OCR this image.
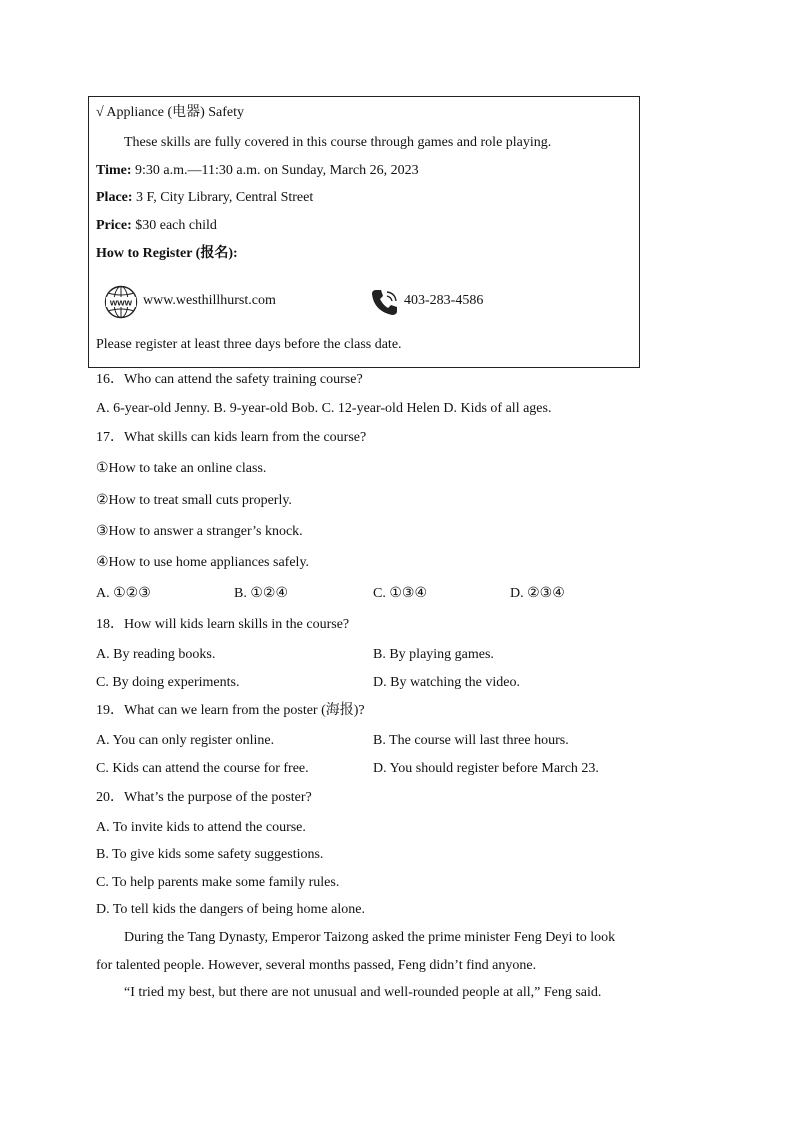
√ Appliance (电器) Safety
These skills are fully covered in this course through games and role playing.
Time: 9:30 a.m.—11:30 a.m. on Sunday, March 26, 2023
Place: 3 F, City Library, Central Street
Price: $30 each child
How to Register (报名):
www www.westhillhurst.com	403-283-4586
Please register at least three days before the class date.
16．Who can attend the safety training course?
A. 6-year-old Jenny. B. 9-year-old Bob. C. 12-year-old Helen D. Kids of all ages.
17．What skills can kids learn from the course?
①How to take an online class.
②How to treat small cuts properly.
③How to answer a stranger’s knock.
④How to use home appliances safely.
A. ①②③	B. ①②④	C. ①③④	D. ②③④
18．How will kids learn skills in the course?
A. By reading books.	B. By playing games.
C. By doing experiments.	D. By watching the video.
19．What can we learn from the poster (海报)?
A. You can only register online.	B. The course will last three hours.
C. Kids can attend the course for free.	D. You should register before March 23.
20．What’s the purpose of the poster?
A. To invite kids to attend the course.
B. To give kids some safety suggestions.
C. To help parents make some family rules.
D. To tell kids the dangers of being home alone.
During the Tang Dynasty, Emperor Taizong asked the prime minister Feng Deyi to look
for talented people. However, several months passed, Feng didn’t find anyone.
“I tried my best, but there are not unusual and well-rounded people at all,” Feng said.
